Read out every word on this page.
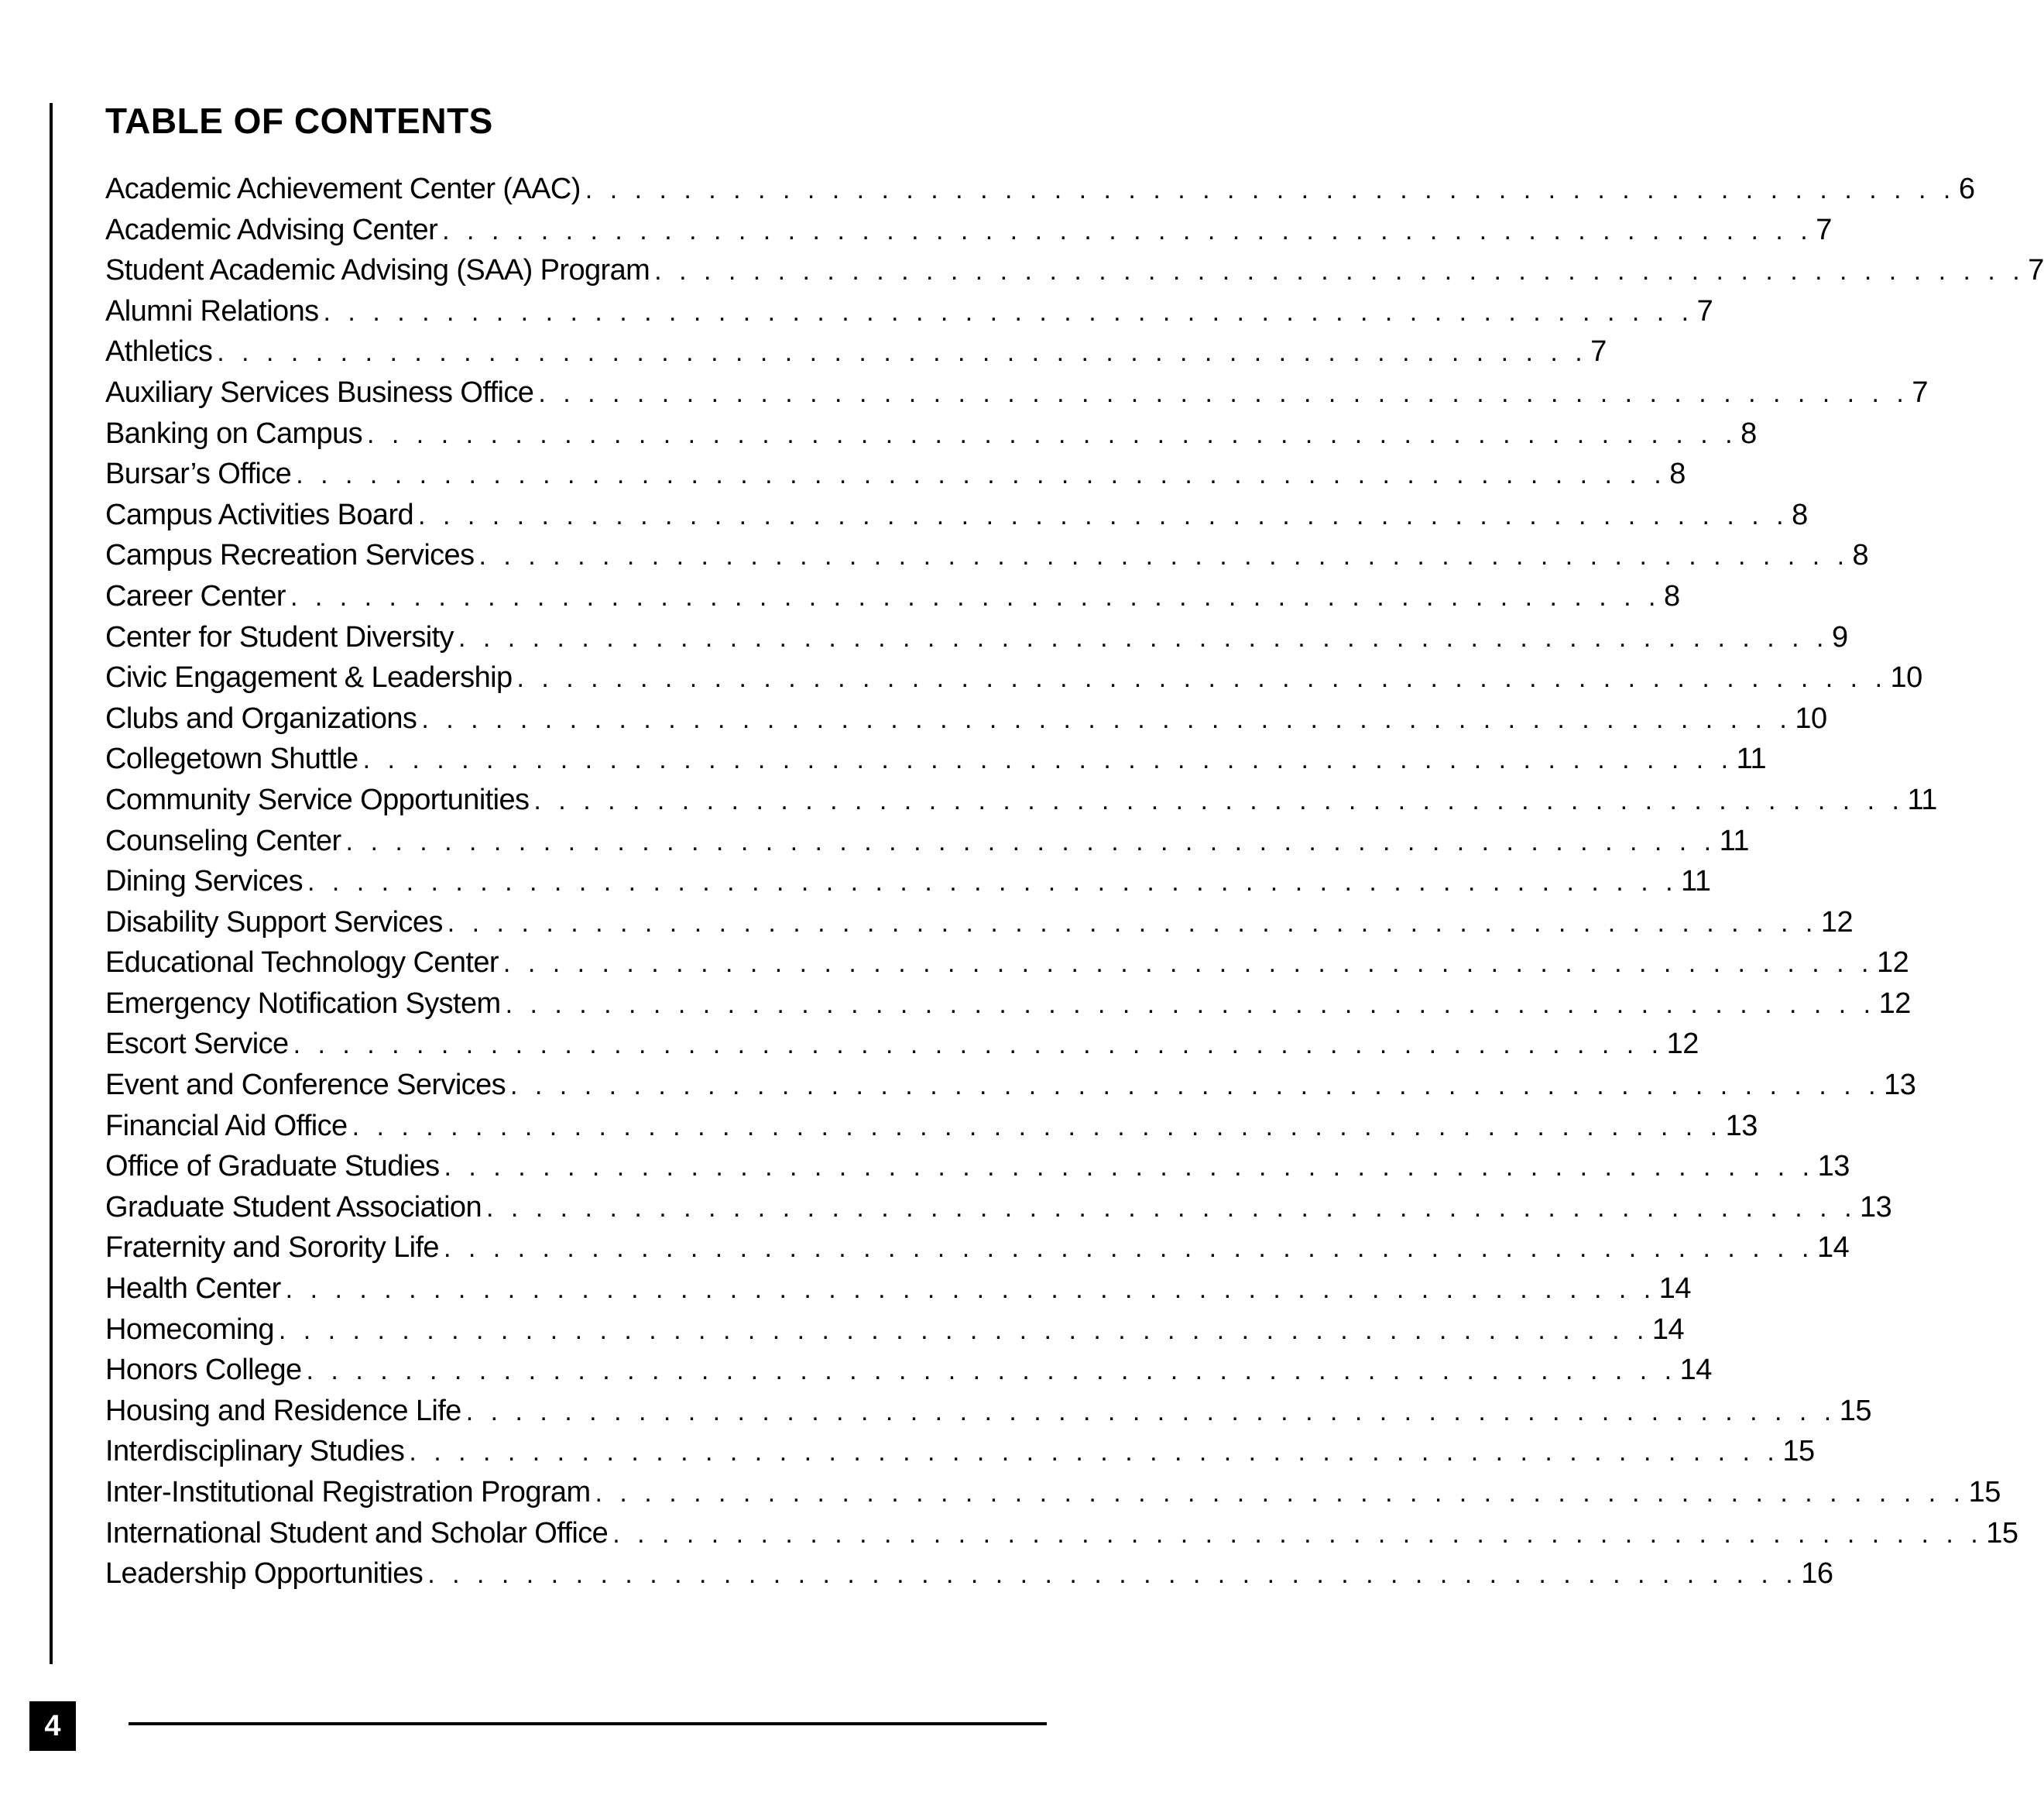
TABLE OF CONTENTS
Academic Achievement Center (AAC) . . . . . . . . . . . . . . . . . . . . . . . . . . . . . . . . . . . . . . . . . . . . . . . . . . . . . . . . 6
Academic Advising Center . . . . . . . . . . . . . . . . . . . . . . . . . . . . . . . . . . . . . . . . . . . . . . . . . . . . . . . . 7
Student Academic Advising (SAA) Program . . . . . . . . . . . . . . . . . . . . . . . . . . . . . . . . . . . . . . . . . . . . . . . . . . . . . . . . 7
Alumni Relations . . . . . . . . . . . . . . . . . . . . . . . . . . . . . . . . . . . . . . . . . . . . . . . . . . . . . . . . 7
Athletics . . . . . . . . . . . . . . . . . . . . . . . . . . . . . . . . . . . . . . . . . . . . . . . . . . . . . . . . 7
Auxiliary Services Business Office . . . . . . . . . . . . . . . . . . . . . . . . . . . . . . . . . . . . . . . . . . . . . . . . . . . . . . . . 7
Banking on Campus . . . . . . . . . . . . . . . . . . . . . . . . . . . . . . . . . . . . . . . . . . . . . . . . . . . . . . . . 8
Bursar’s Office . . . . . . . . . . . . . . . . . . . . . . . . . . . . . . . . . . . . . . . . . . . . . . . . . . . . . . . . 8
Campus Activities Board . . . . . . . . . . . . . . . . . . . . . . . . . . . . . . . . . . . . . . . . . . . . . . . . . . . . . . . . 8
Campus Recreation Services . . . . . . . . . . . . . . . . . . . . . . . . . . . . . . . . . . . . . . . . . . . . . . . . . . . . . . . . 8
Career Center . . . . . . . . . . . . . . . . . . . . . . . . . . . . . . . . . . . . . . . . . . . . . . . . . . . . . . . . 8
Center for Student Diversity . . . . . . . . . . . . . . . . . . . . . . . . . . . . . . . . . . . . . . . . . . . . . . . . . . . . . . . . 9
Civic Engagement & Leadership . . . . . . . . . . . . . . . . . . . . . . . . . . . . . . . . . . . . . . . . . . . . . . . . . . . . . . . . 10
Clubs and Organizations . . . . . . . . . . . . . . . . . . . . . . . . . . . . . . . . . . . . . . . . . . . . . . . . . . . . . . . . 10
Collegetown Shuttle . . . . . . . . . . . . . . . . . . . . . . . . . . . . . . . . . . . . . . . . . . . . . . . . . . . . . . . . 11
Community Service Opportunities . . . . . . . . . . . . . . . . . . . . . . . . . . . . . . . . . . . . . . . . . . . . . . . . . . . . . . . . 11
Counseling Center . . . . . . . . . . . . . . . . . . . . . . . . . . . . . . . . . . . . . . . . . . . . . . . . . . . . . . . . 11
Dining Services . . . . . . . . . . . . . . . . . . . . . . . . . . . . . . . . . . . . . . . . . . . . . . . . . . . . . . . . 11
Disability Support Services . . . . . . . . . . . . . . . . . . . . . . . . . . . . . . . . . . . . . . . . . . . . . . . . . . . . . . . . 12
Educational Technology Center . . . . . . . . . . . . . . . . . . . . . . . . . . . . . . . . . . . . . . . . . . . . . . . . . . . . . . . . 12
Emergency Notification System . . . . . . . . . . . . . . . . . . . . . . . . . . . . . . . . . . . . . . . . . . . . . . . . . . . . . . . . 12
Escort Service . . . . . . . . . . . . . . . . . . . . . . . . . . . . . . . . . . . . . . . . . . . . . . . . . . . . . . . . 12
Event and Conference Services . . . . . . . . . . . . . . . . . . . . . . . . . . . . . . . . . . . . . . . . . . . . . . . . . . . . . . . . 13
Financial Aid Office . . . . . . . . . . . . . . . . . . . . . . . . . . . . . . . . . . . . . . . . . . . . . . . . . . . . . . . . 13
Office of Graduate Studies . . . . . . . . . . . . . . . . . . . . . . . . . . . . . . . . . . . . . . . . . . . . . . . . . . . . . . . . 13
Graduate Student Association . . . . . . . . . . . . . . . . . . . . . . . . . . . . . . . . . . . . . . . . . . . . . . . . . . . . . . . . 13
Fraternity and Sorority Life . . . . . . . . . . . . . . . . . . . . . . . . . . . . . . . . . . . . . . . . . . . . . . . . . . . . . . . . 14
Health Center . . . . . . . . . . . . . . . . . . . . . . . . . . . . . . . . . . . . . . . . . . . . . . . . . . . . . . . . 14
Homecoming . . . . . . . . . . . . . . . . . . . . . . . . . . . . . . . . . . . . . . . . . . . . . . . . . . . . . . . . 14
Honors College . . . . . . . . . . . . . . . . . . . . . . . . . . . . . . . . . . . . . . . . . . . . . . . . . . . . . . . . 14
Housing and Residence Life . . . . . . . . . . . . . . . . . . . . . . . . . . . . . . . . . . . . . . . . . . . . . . . . . . . . . . . . 15
Interdisciplinary Studies . . . . . . . . . . . . . . . . . . . . . . . . . . . . . . . . . . . . . . . . . . . . . . . . . . . . . . . . 15
Inter-Institutional Registration Program . . . . . . . . . . . . . . . . . . . . . . . . . . . . . . . . . . . . . . . . . . . . . . . . . . . . . . . . 15
International Student and Scholar Office . . . . . . . . . . . . . . . . . . . . . . . . . . . . . . . . . . . . . . . . . . . . . . . . . . . . . . . . 15
Leadership Opportunities . . . . . . . . . . . . . . . . . . . . . . . . . . . . . . . . . . . . . . . . . . . . . . . . . . . . . . . . 16
4
